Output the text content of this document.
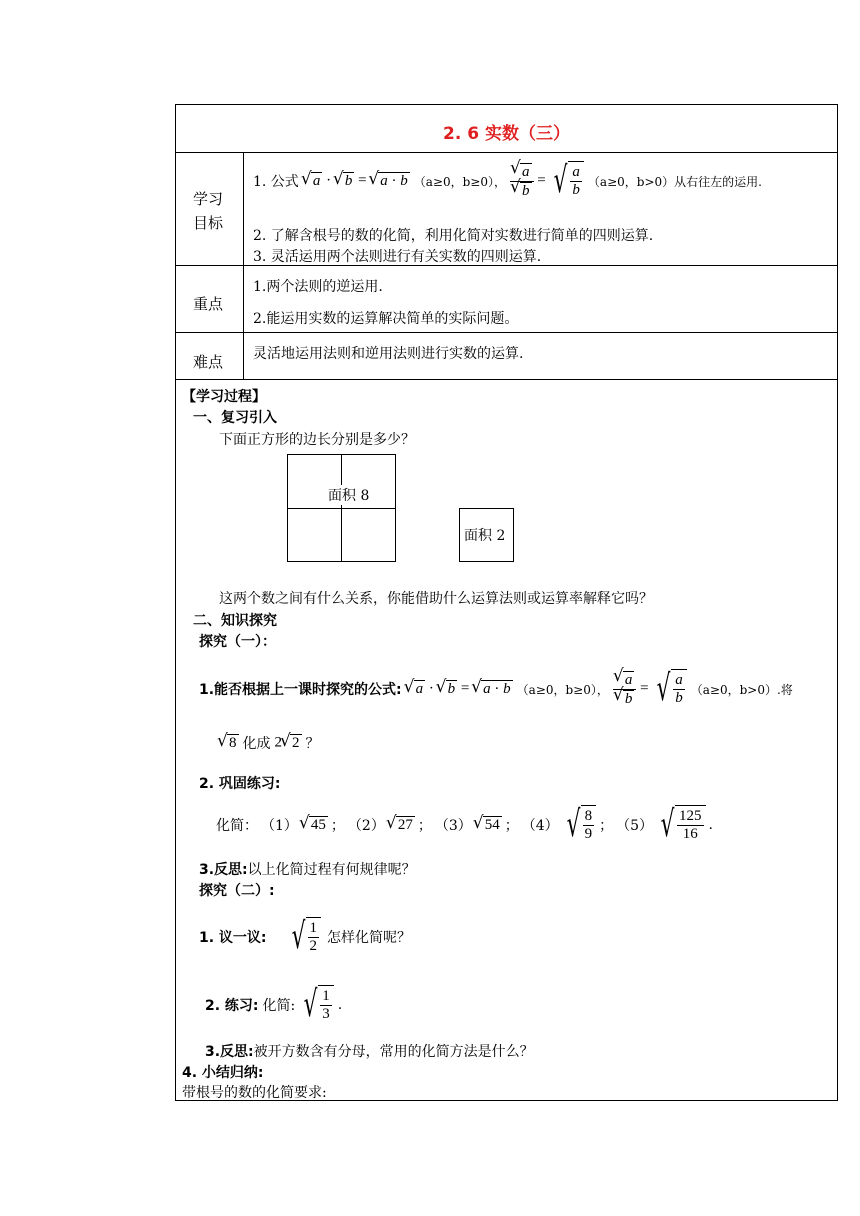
2. 6 实数（三）
学习
目标
1. 公式 √ a · √ b = √ a · b （a≥0，b≥0）， √ a
√ b = √ $\frac{a}{b} (a\ge 0$，b>0）从右往左的运用.
2. 了解含根号的数的化简，利用化简对实数进行简单的四则运算.
3. 灵活运用两个法则进行有关实数的四则运算.
重点
1.两个法则的逆运用.
2.能运用实数的运算解决简单的实际问题。
难点 灵活地运用法则和逆用法则进行实数的运算.
【学习过程】
一、复习引入
下面正方形的边长分别是多少？
面积 8
面积 2
这两个数之间有什么关系，你能借助什么运算法则或运算率解释它吗？
二、知识探究
探究（一）：
1.能否根据上一课时探究的公式: √ a · √ b = √ a · b （a≥0，b≥0）， √ a
√ b = √ $\frac{a}{b} (a\ge 0$，b>0）.将
√ 8 化成 2 √ 2 ？
2. 巩固练习:
化简： （1） √ 45 ； （2） √ 27 ； （3） √ 54 ； （4） √ $\frac{8}{9}$ ； （5） √ $\frac{125}{16}$ .
3.反思:以上化简过程有何规律呢？
探究（二）:
1. 议一议: √ $\frac{1}{2}$ 怎样化简呢？
2. 练习: 化简: √ $\frac{1}{3}$ .
3.反思:被开方数含有分母，常用的化简方法是什么？
4. 小结归纳:
带根号的数的化简要求:
